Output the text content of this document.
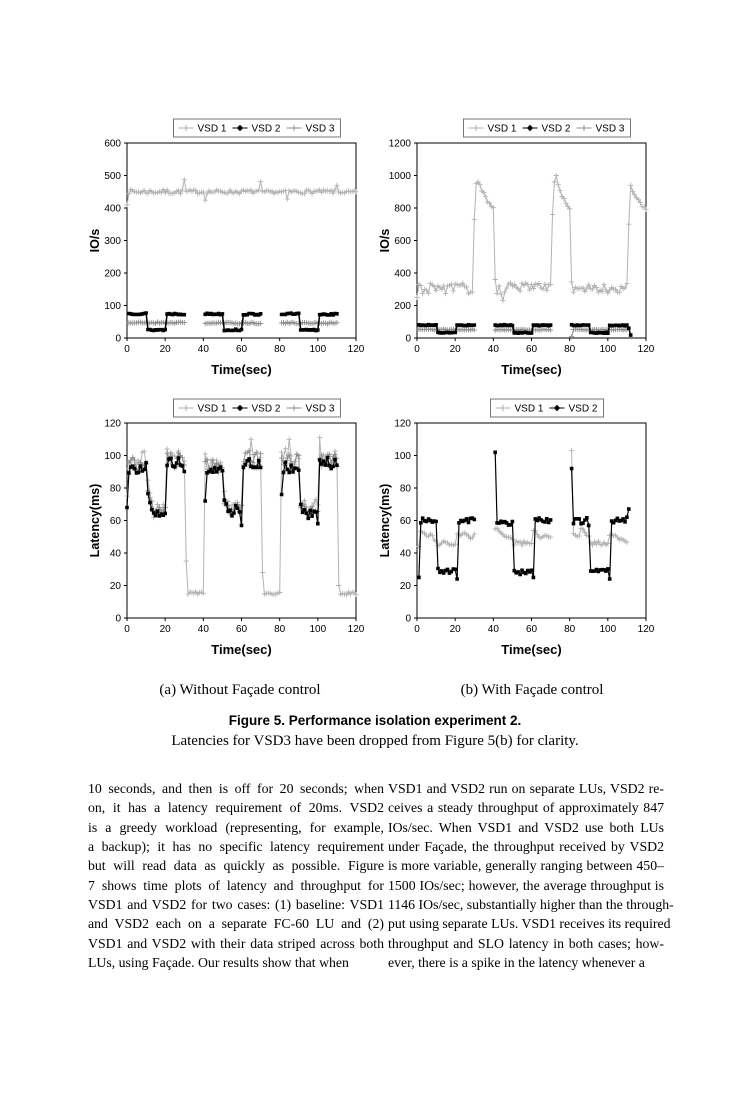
0
100
200
300
400
500
600
0	20	40	60	80 100 120
Time(sec)
IO/s
VSD 1	VSD 2	VSD 3
0
200
400
600
800
1000
1200
0	20	40	60	80 100 120
Time(sec)
IO/s
VSD 1	VSD 2	VSD 3
0
20
40
60
80
100
120
0	20	40	60	80 100 120
Time(sec)
Latency(ms)
VSD 1	VSD 2	VSD 3
0
20
40
60
80
100
120
0	20	40	60	80 100 120
Time(sec)
Latency(ms)
VSD 1	VSD 2
(a) Without Façade control	(b) With Façade control
Figure 5. Performance isolation experiment 2.
Latencies for VSD3 have been dropped from Figure 5(b) for clarity.
10 seconds, and then is off for 20 seconds; when
on, it has a latency requirement of 20ms. VSD2
is a greedy workload (representing, for example,
a backup); it has no specific latency requirement
but will read data as quickly as possible. Figure
7 shows time plots of latency and throughput for
VSD1 and VSD2 for two cases: (1) baseline: VSD1
and VSD2 each on a separate FC-60 LU and (2)
VSD1 and VSD2 with their data striped across both
LUs, using Façade. Our results show that when
VSD1 and VSD2 run on separate LUs, VSD2 re-
ceives a steady throughput of approximately 847
IOs/sec. When VSD1 and VSD2 use both LUs
under Façade, the throughput received by VSD2
is more variable, generally ranging between 450–
1500 IOs/sec; however, the average throughput is
1146 IOs/sec, substantially higher than the through-
put using separate LUs. VSD1 receives its required
throughput and SLO latency in both cases; how-
ever, there is a spike in the latency whenever a
